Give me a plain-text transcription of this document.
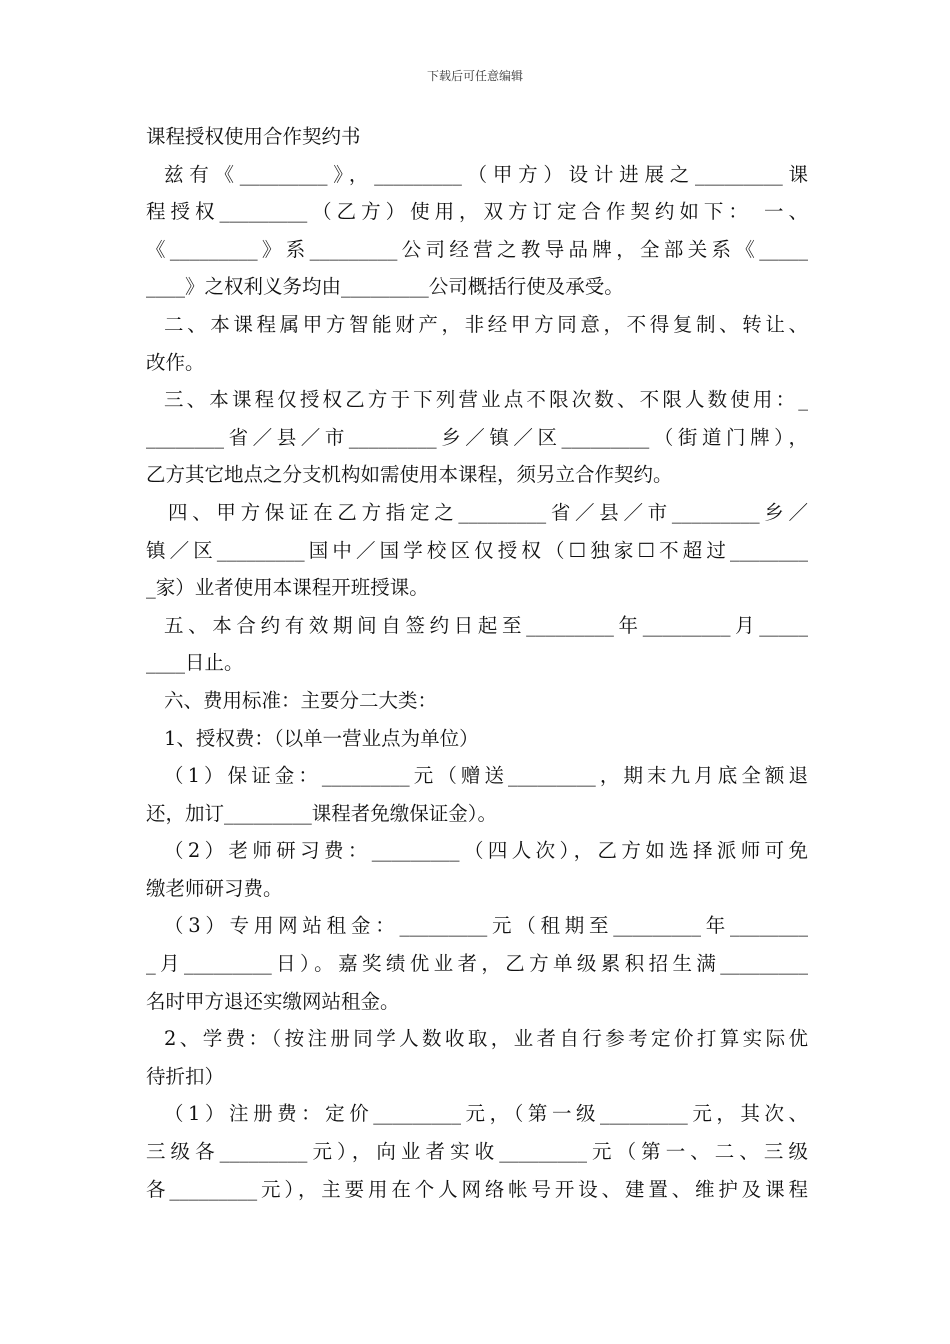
下载后可任意编辑
课程授权使用合作契约书
兹有《_________》，_________（甲方）设计进展之_________课
程授权_________（乙方）使用，双方订定合作契约如下： 一、
《_________》系_________公司经营之教导品牌，全部关系《_____
____》之权利义务均由_________公司概括行使及承受。
二、本课程属甲方智能财产，非经甲方同意，不得复制、转让、
改作。
三、本课程仅授权乙方于下列营业点不限次数、不限人数使用：_
________省／县／市_________乡／镇／区_________（街道门牌），
乙方其它地点之分支机构如需使用本课程，须另立合作契约。
四、甲方保证在乙方指定之_________省／县／市_________乡／
镇／区_________国中／国学校区仅授权（☐独家☐不超过________
_家）业者使用本课程开班授课。
五、本合约有效期间自签约日起至_________年_________月_____
____日止。
六、费用标准：主要分二大类：
1、授权费：（以单一营业点为单位）
（1）保证金：_________元（赠送_________，期末九月底全额退
还，加订_________课程者免缴保证金）。
（2）老师研习费：_________（四人次），乙方如选择派师可免
缴老师研习费。
（3）专用网站租金：_________元（租期至_________年________
_月_________日）。嘉奖绩优业者，乙方单级累积招生满_________
名时甲方退还实缴网站租金。
2、学费：（按注册同学人数收取，业者自行参考定价打算实际优
待折扣）
（1）注册费：定价_________元，（第一级_________元，其次、
三级各_________元），向业者实收_________元（第一、二、三级
各_________元），主要用在个人网络帐号开设、建置、维护及课程
